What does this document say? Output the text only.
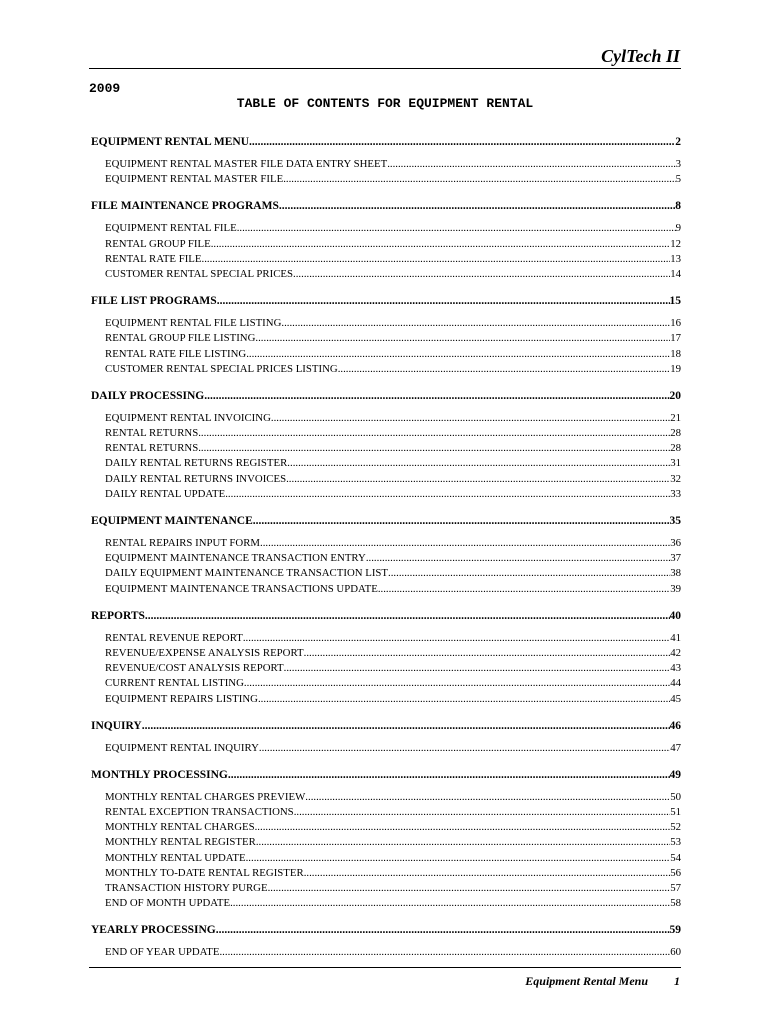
CylTech II
2009
TABLE OF CONTENTS FOR EQUIPMENT RENTAL
EQUIPMENT RENTAL MENU .....	2
EQUIPMENT RENTAL MASTER FILE DATA ENTRY SHEET .....	3
EQUIPMENT RENTAL MASTER FILE .....	5
FILE MAINTENANCE PROGRAMS .....	8
EQUIPMENT RENTAL FILE .....	9
RENTAL GROUP FILE .....	12
RENTAL RATE FILE .....	13
CUSTOMER RENTAL SPECIAL PRICES .....	14
FILE LIST PROGRAMS .....	15
EQUIPMENT RENTAL FILE LISTING .....	16
RENTAL GROUP FILE LISTING .....	17
RENTAL RATE FILE LISTING .....	18
CUSTOMER RENTAL SPECIAL PRICES LISTING .....	19
DAILY PROCESSING .....	20
EQUIPMENT RENTAL INVOICING .....	21
RENTAL RETURNS .....	28
RENTAL RETURNS .....	28
DAILY RENTAL RETURNS REGISTER .....	31
DAILY RENTAL RETURNS INVOICES .....	32
DAILY RENTAL UPDATE .....	33
EQUIPMENT MAINTENANCE .....	35
RENTAL REPAIRS INPUT FORM .....	36
EQUIPMENT MAINTENANCE TRANSACTION ENTRY .....	37
DAILY EQUIPMENT MAINTENANCE TRANSACTION LIST .....	38
EQUIPMENT MAINTENANCE TRANSACTIONS UPDATE .....	39
REPORTS .....	40
RENTAL REVENUE REPORT .....	41
REVENUE/EXPENSE ANALYSIS REPORT .....	42
REVENUE/COST ANALYSIS REPORT .....	43
CURRENT RENTAL LISTING .....	44
EQUIPMENT REPAIRS LISTING .....	45
INQUIRY .....	46
EQUIPMENT RENTAL INQUIRY .....	47
MONTHLY PROCESSING .....	49
MONTHLY RENTAL CHARGES PREVIEW .....	50
RENTAL EXCEPTION TRANSACTIONS .....	51
MONTHLY RENTAL CHARGES .....	52
MONTHLY RENTAL REGISTER .....	53
MONTHLY RENTAL UPDATE .....	54
MONTHLY TO-DATE RENTAL REGISTER .....	56
TRANSACTION HISTORY PURGE .....	57
END OF MONTH UPDATE .....	58
YEARLY PROCESSING .....	59
END OF YEAR UPDATE .....	60
Equipment Rental Menu 1
